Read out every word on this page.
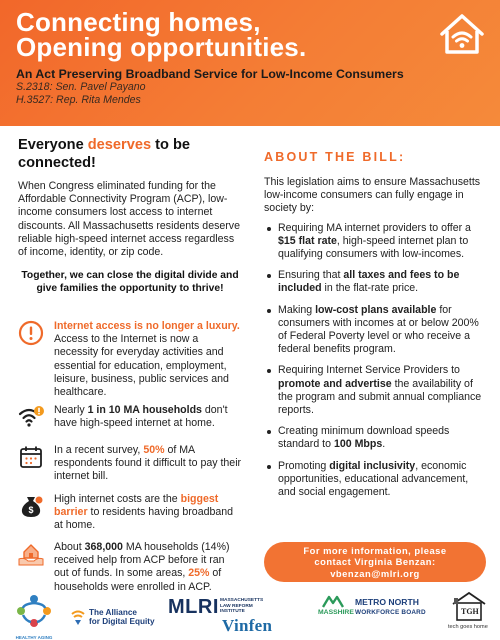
Connecting homes,
Opening opportunities.
An Act Preserving Broadband Service for Low-Income Consumers
S.2318: Sen. Pavel Payano
H.3527: Rep. Rita Mendes
Everyone deserves to be connected!
When Congress eliminated funding for the Affordable Connectivity Program (ACP), low-income consumers lost access to internet discounts. All Massachusetts residents deserve reliable high-speed internet access regardless of income, identity, or zip code.
Together, we can close the digital divide and give families the opportunity to thrive!
Internet access is no longer a luxury. Access to the Internet is now a necessity for everyday activities and essential for education, employment, leisure, business, public services and healthcare.
Nearly 1 in 10 MA households don't have high-speed internet at home.
In a recent survey, 50% of MA respondents found it difficult to pay their internet bill.
$
High internet costs are the biggest barrier to residents having broadband at home.
About 368,000 MA households (14%) received help from ACP before it ran out of funds. In some areas, 25% of households were enrolled in ACP.
ABOUT THE BILL:
This legislation aims to ensure Massachusetts low-income consumers can fully engage in society by:
Requiring MA internet providers to offer a $15 flat rate, high-speed internet plan to qualifying consumers with low-incomes.
Ensuring that all taxes and fees to be included in the flat-rate price.
Making low-cost plans available for consumers with incomes at or below 200% of Federal Poverty level or who receive a federal benefits program.
Requiring Internet Service Providers to promote and advertise the availability of the program and submit annual compliance reports.
Creating minimum download speeds standard to 100 Mbps.
Promoting digital inclusivity, economic opportunities, educational advancement, and social engagement.
For more information, please
contact Virginia Benzan:
vbenzan@mlri.org
HEALTHY AGING
The Alliance
for Digital Equity
MLRI MASSACHUSETTS
LAW REFORM
INSTITUTE
Vinfen
MASSHIRE
METRO NORTH
WORKFORCE BOARD	TGH
tech goes home
